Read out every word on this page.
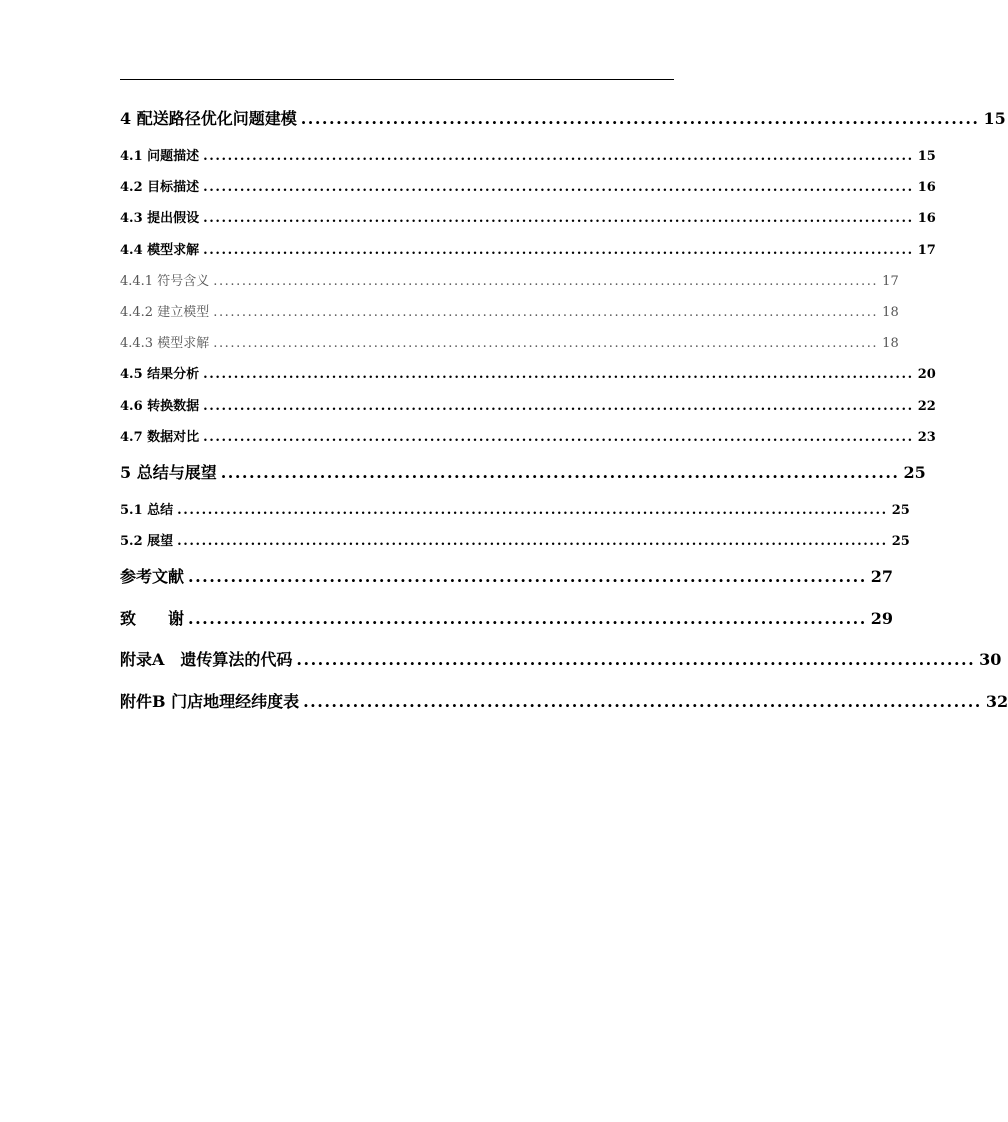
4 配送路径优化问题建模 ................................................................................................ 15
4.1 问题描述 .................................................................................................................... 15
4.2 目标描述 .................................................................................................................... 16
4.3 提出假设 .................................................................................................................... 16
4.4 模型求解 .................................................................................................................... 17
4.4.1 符号含义 .................................................................................................................... 17
4.4.2 建立模型 .................................................................................................................... 18
4.4.3 模型求解 .................................................................................................................... 18
4.5 结果分析 .................................................................................................................... 20
4.6 转换数据 .................................................................................................................... 22
4.7 数据对比 .................................................................................................................... 23
5 总结与展望 ................................................................................................ 25
5.1 总结 .................................................................................................................... 25
5.2 展望 .................................................................................................................... 25
参考文献 ................................................................................................ 27
致 谢 ................................................................................................ 29
附录A　遗传算法的代码 ................................................................................................ 30
附件B 门店地理经纬度表 ................................................................................................ 32
